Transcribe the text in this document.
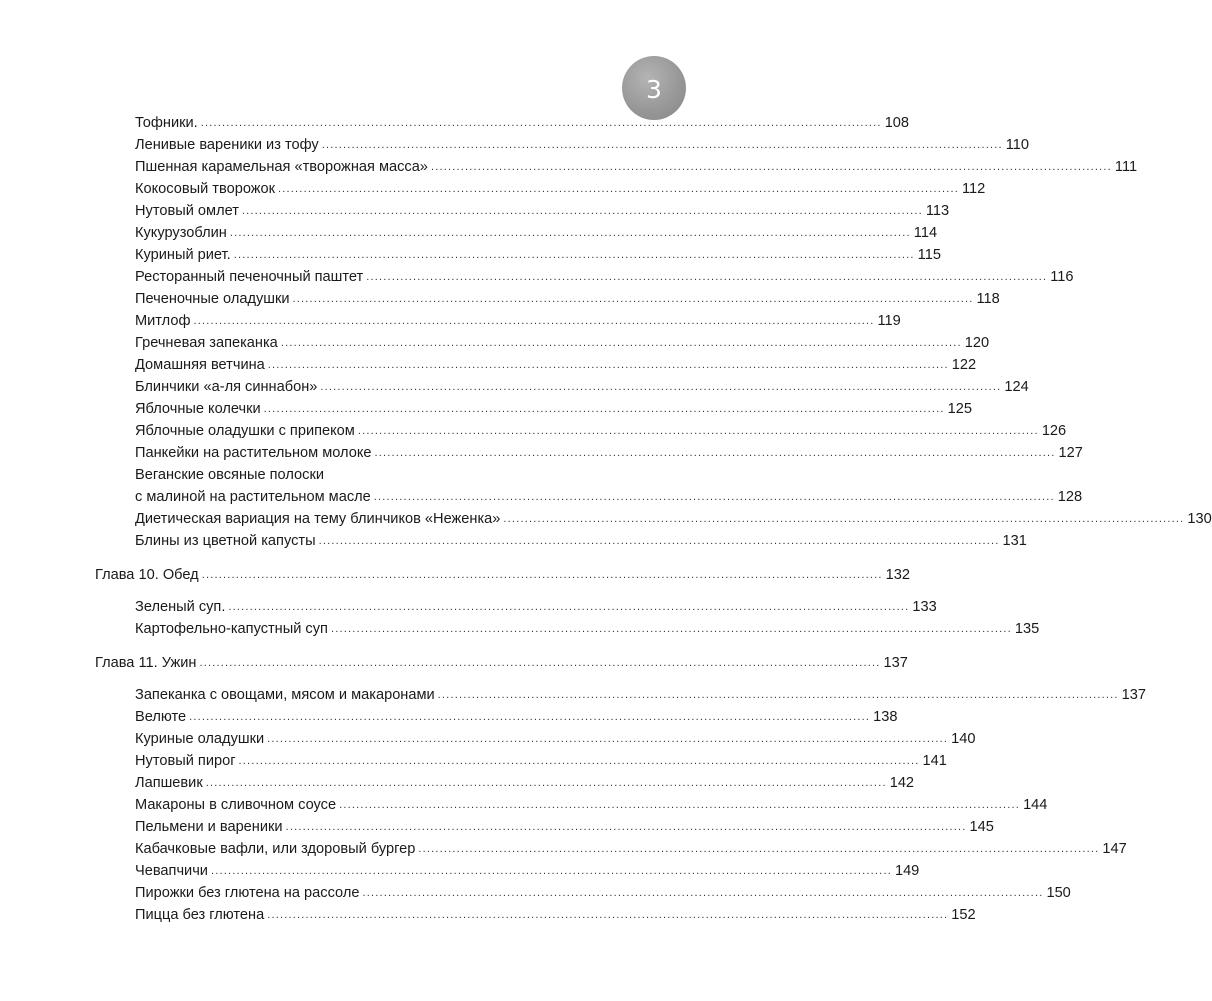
3
Тофники. ................................................................................................................................................................ 108
Ленивые вареники из тофу ................................................................................................................................................................ 110
Пшенная карамельная «творожная масса» ................................................................................................................................................................ 111
Кокосовый творожок ................................................................................................................................................................ 112
Нутовый омлет ................................................................................................................................................................ 113
Кукурузоблин ................................................................................................................................................................ 114
Куриный риет. ................................................................................................................................................................ 115
Ресторанный печеночный паштет ................................................................................................................................................................ 116
Печеночные оладушки ................................................................................................................................................................ 118
Митлоф ................................................................................................................................................................ 119
Гречневая запеканка ................................................................................................................................................................ 120
Домашняя ветчина ................................................................................................................................................................ 122
Блинчики «а-ля синнабон» ................................................................................................................................................................ 124
Яблочные колечки ................................................................................................................................................................ 125
Яблочные оладушки с припеком ................................................................................................................................................................ 126
Панкейки на растительном молоке ................................................................................................................................................................ 127
Веганские овсяные полоски
с малиной на растительном масле ................................................................................................................................................................ 128
Диетическая вариация на тему блинчиков «Неженка» ................................................................................................................................................................ 130
Блины из цветной капусты ................................................................................................................................................................ 131
Глава 10. Обед ................................................................................................................................................................ 132
Зеленый суп. ................................................................................................................................................................ 133
Картофельно-капустный суп ................................................................................................................................................................ 135
Глава 11. Ужин ................................................................................................................................................................ 137
Запеканка с овощами, мясом и макаронами ................................................................................................................................................................ 137
Велюте ................................................................................................................................................................ 138
Куриные оладушки ................................................................................................................................................................ 140
Нутовый пирог ................................................................................................................................................................ 141
Лапшевик ................................................................................................................................................................ 142
Макароны в сливочном соусе ................................................................................................................................................................ 144
Пельмени и вареники ................................................................................................................................................................ 145
Кабачковые вафли, или здоровый бургер ................................................................................................................................................................ 147
Чевапчичи ................................................................................................................................................................ 149
Пирожки без глютена на рассоле ................................................................................................................................................................ 150
Пицца без глютена ................................................................................................................................................................ 152
